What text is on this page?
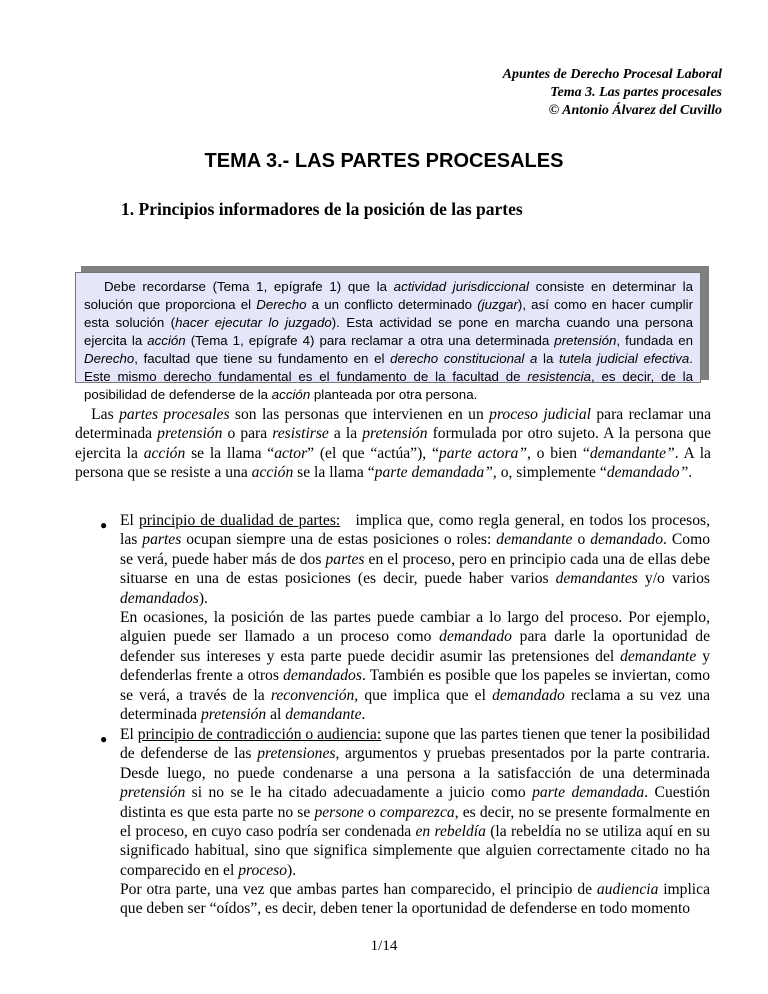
Apuntes de Derecho Procesal Laboral
Tema 3. Las partes procesales
© Antonio Álvarez del Cuvillo
TEMA 3.- LAS PARTES PROCESALES
1. Principios informadores de la posición de las partes
Debe recordarse (Tema 1, epígrafe 1) que la actividad jurisdiccional consiste en determinar la solución que proporciona el Derecho a un conflicto determinado (juzgar), así como en hacer cumplir esta solución (hacer ejecutar lo juzgado). Esta actividad se pone en marcha cuando una persona ejercita la acción (Tema 1, epígrafe 4) para reclamar a otra una determinada pretensión, fundada en Derecho, facultad que tiene su fundamento en el derecho constitucional a la tutela judicial efectiva. Este mismo derecho fundamental es el fundamento de la facultad de resistencia, es decir, de la posibilidad de defenderse de la acción planteada por otra persona.
Las partes procesales son las personas que intervienen en un proceso judicial para reclamar una determinada pretensión o para resistirse a la pretensión formulada por otro sujeto. A la persona que ejercita la acción se la llama “actor” (el que “actúa”), “parte actora”, o bien “demandante”. A la persona que se resiste a una acción se la llama “parte demandada”, o, simplemente “demandado”.
● El principio de dualidad de partes:   implica que, como regla general, en todos los procesos, las partes ocupan siempre una de estas posiciones o roles: demandante o demandado. Como se verá, puede haber más de dos partes en el proceso, pero en principio cada una de ellas debe situarse en una de estas posiciones (es decir, puede haber varios demandantes y/o varios demandados).
En ocasiones, la posición de las partes puede cambiar a lo largo del proceso. Por ejemplo, alguien puede ser llamado a un proceso como demandado para darle la oportunidad de defender sus intereses y esta parte puede decidir asumir las pretensiones del demandante y defenderlas frente a otros demandados. También es posible que los papeles se inviertan, como se verá, a través de la reconvención, que implica que el demandado reclama a su vez una determinada pretensión al demandante.
● El principio de contradicción o audiencia: supone que las partes tienen que tener la posibilidad de defenderse de las pretensiones, argumentos y pruebas presentados por la parte contraria. Desde luego, no puede condenarse a una persona a la satisfacción de una determinada pretensión si no se le ha citado adecuadamente a juicio como parte demandada. Cuestión distinta es que esta parte no se persone o comparezca, es decir, no se presente formalmente en el proceso, en cuyo caso podría ser condenada en rebeldía (la rebeldía no se utiliza aquí en su significado habitual, sino que significa simplemente que alguien correctamente citado no ha comparecido en el proceso).
Por otra parte, una vez que ambas partes han comparecido, el principio de audiencia implica que deben ser “oídos”, es decir, deben tener la oportunidad de defenderse en todo momento
1/14
